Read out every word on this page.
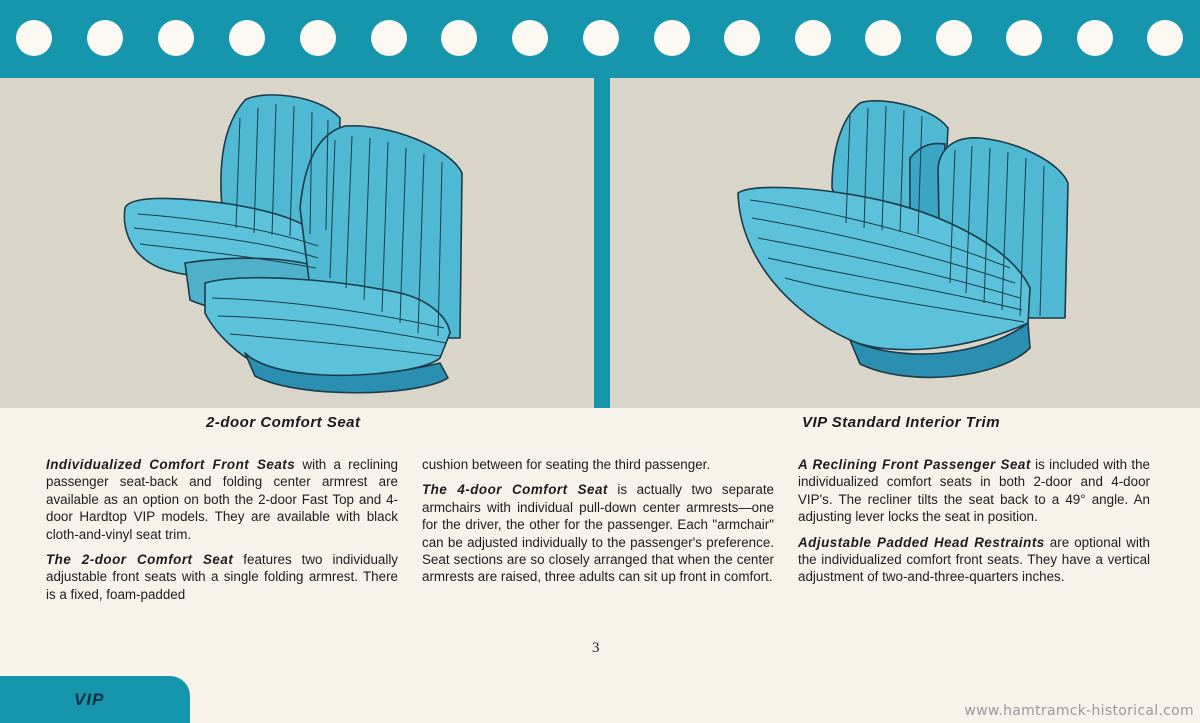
2-door Comfort Seat	VIP Standard Interior Trim

Individualized Comfort Front Seats with a reclining passenger seat-back and folding center armrest are available as an option on both the 2-door Fast Top and 4-door Hardtop VIP models. They are available with black cloth-and-vinyl seat trim.

The 2-door Comfort Seat features two individually adjustable front seats with a single folding armrest. There is a fixed, foam-padded

cushion between for seating the third passenger.

The 4-door Comfort Seat is actually two separate armchairs with individual pull-down center armrests—one for the driver, the other for the passenger. Each "armchair" can be adjusted individually to the passenger's preference. Seat sections are so closely arranged that when the center armrests are raised, three adults can sit up front in comfort.

A Reclining Front Passenger Seat is included with the individualized comfort seats in both 2-door and 4-door VIP's. The recliner tilts the seat back to a 49° angle. An adjusting lever locks the seat in position.

Adjustable Padded Head Restraints are optional with the individualized comfort front seats. They have a vertical adjustment of two-and-three-quarters inches.

3
VIP
www.hamtramck-historical.com
